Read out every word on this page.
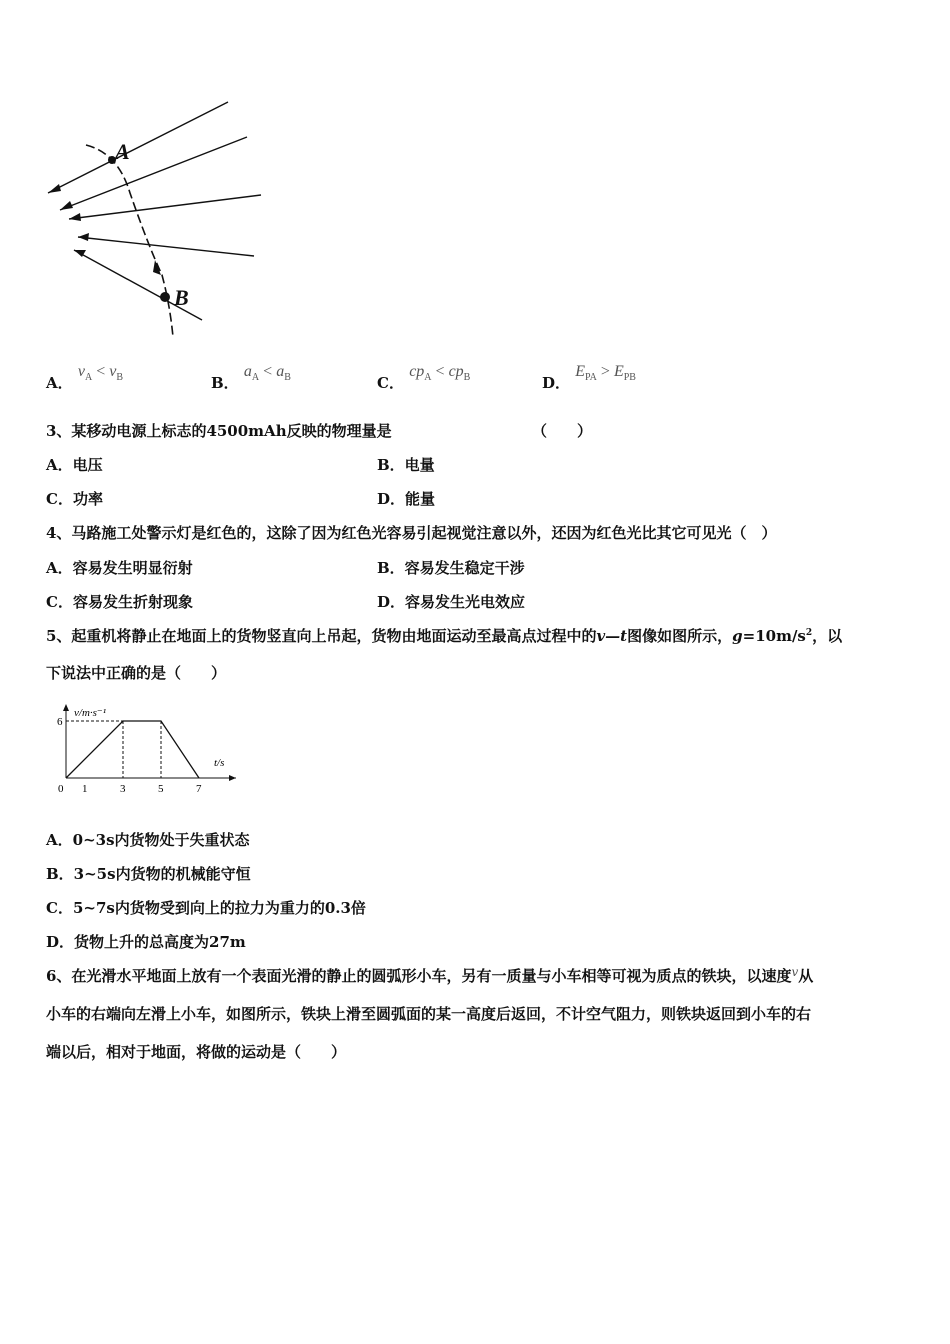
A
B
A． $v_A < v_B$	B． $a_A < a_B$	C． $cp_A < cp_B$	D． $E_{PA} > E_{PB}$
3、某移动电源上标志的4500mAh反映的物理量是	（　　）
A．电压	B．电量
C．功率	D．能量
4、马路施工处警示灯是红色的，这除了因为红色光容易引起视觉注意以外，还因为红色光比其它可见光（　）
A．容易发生明显衍射	B．容易发生稳定干涉
C．容易发生折射现象	D．容易发生光电效应
5、起重机将静止在地面上的货物竖直向上吊起，货物由地面运动至最高点过程中的v—t图像如图所示，$g=10m/s^2$，以
下说法中正确的是（　　）
v/m·s⁻¹
t/s
0 1	3	5	7
6
A．0~3s内货物处于失重状态
B．3~5s内货物的机械能守恒
C．5~7s内货物受到向上的拉力为重力的0.3倍
D．货物上升的总高度为27m
6、在光滑水平地面上放有一个表面光滑的静止的圆弧形小车，另有一质量与小车相等可视为质点的铁块，以速度$^v$从
小车的右端向左滑上小车，如图所示，铁块上滑至圆弧面的某一高度后返回，不计空气阻力，则铁块返回到小车的右
端以后，相对于地面，将做的运动是（　　）
